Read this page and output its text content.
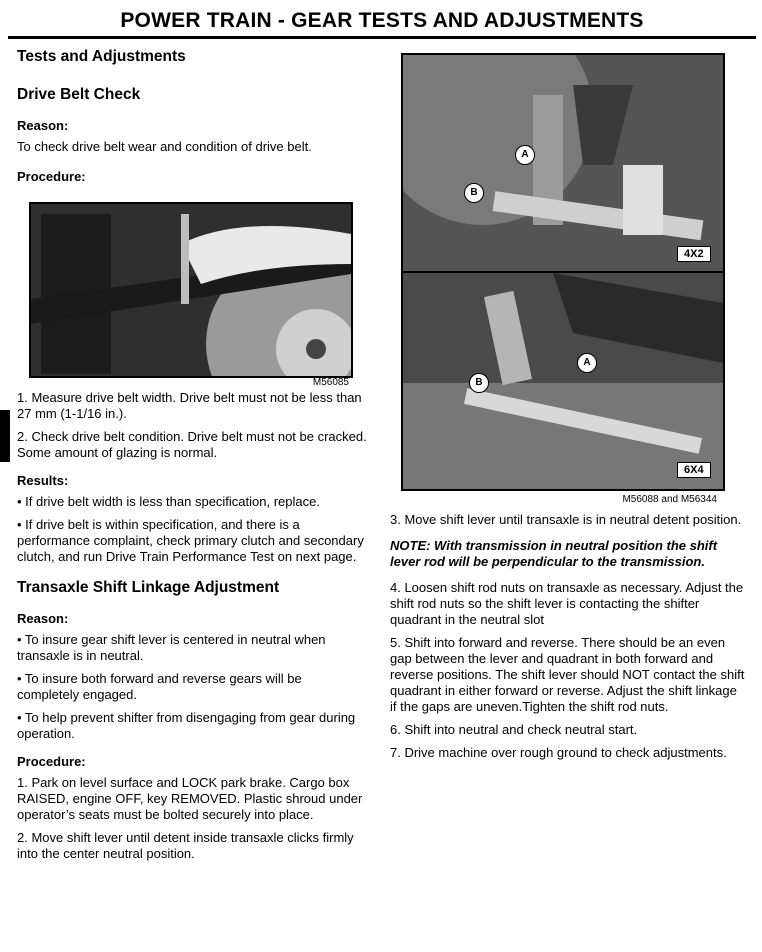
POWER TRAIN - GEAR TESTS AND ADJUSTMENTS
Tests and Adjustments
Drive Belt Check
Reason:

To check drive belt wear and condition of drive belt.

Procedure:

1. Measure drive belt width. Drive belt must not be less than 27 mm (1-1/16 in.).

2. Check drive belt condition. Drive belt must not be cracked. Some amount of glazing is normal.

Results:

• If drive belt width is less than specification, replace.

• If drive belt is within specification, and there is a performance complaint, check primary clutch and secondary clutch, and run Drive Train Performance Test on next page.

Transaxle Shift Linkage Adjustment
Reason:

• To insure gear shift lever is centered in neutral when transaxle is in neutral.

• To insure both forward and reverse gears will be completely engaged.

• To help prevent shifter from disengaging from gear during operation.

Procedure:

1. Park on level surface and LOCK park brake. Cargo box RAISED, engine OFF, key REMOVED. Plastic shroud under operator’s seats must be bolted securely into place.

2. Move shift lever until detent inside transaxle clicks firmly into the center neutral position.

M56085
A
B
4X2
A
B
6X4
M56088 and M56344

3. Move shift lever until transaxle is in neutral detent position.

NOTE: With transmission in neutral position the shift lever rod will be perpendicular to the transmission.

4. Loosen shift rod nuts on transaxle as necessary. Adjust the shift rod nuts so the shift lever is contacting the shifter quadrant in the neutral slot

5. Shift into forward and reverse. There should be an even gap between the lever and quadrant in both forward and reverse positions. The shift lever should NOT contact the shift quadrant in either forward or reverse. Adjust the shift linkage if the gaps are uneven.Tighten the shift rod nuts.

6. Shift into neutral and check neutral start.

7. Drive machine over rough ground to check adjustments.
